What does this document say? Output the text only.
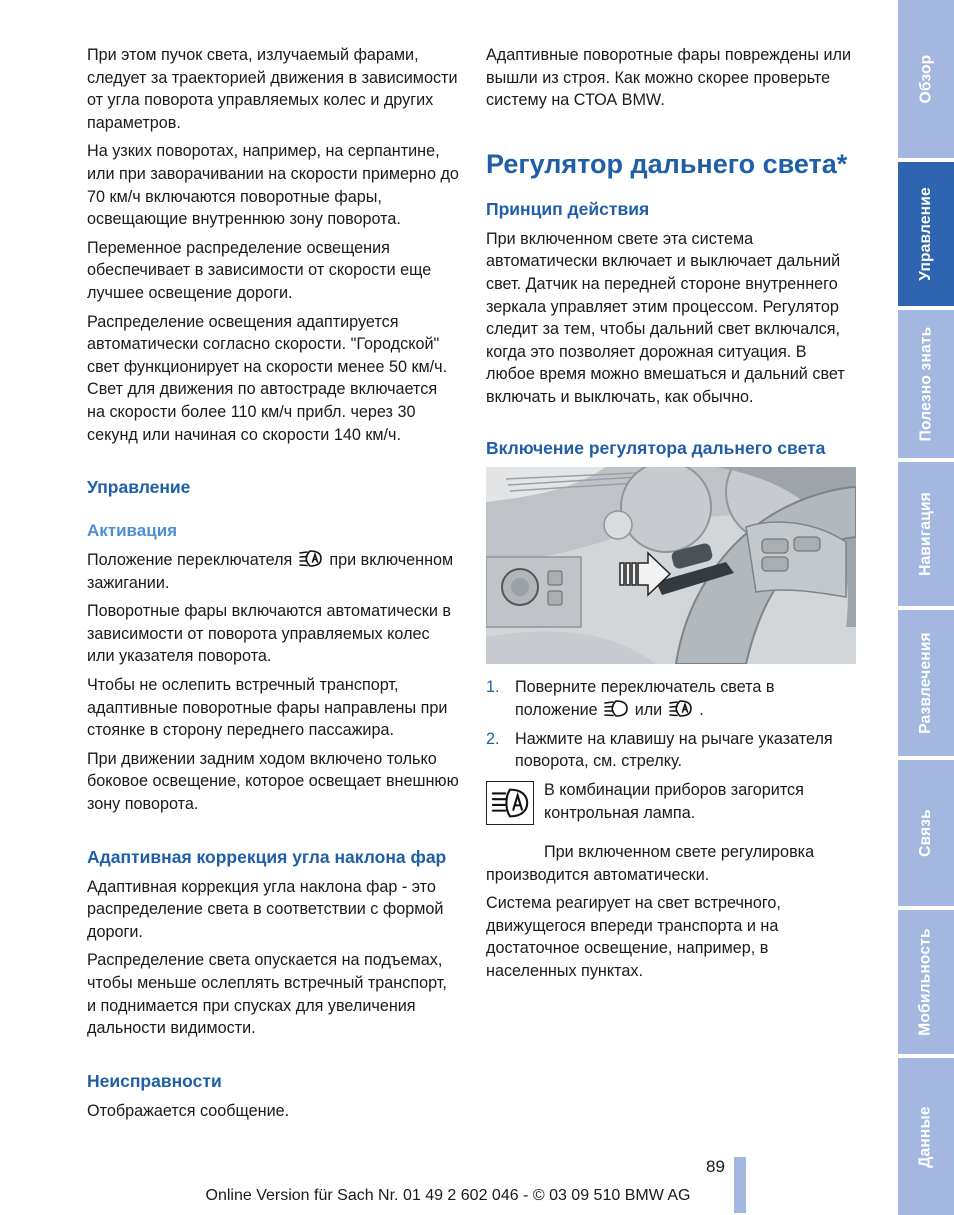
При этом пучок света, излучаемый фарами, следует за траекторией движения в зависимости от угла поворота управляемых колес и других параметров.

На узких поворотах, например, на серпантине, или при заворачивании на скорости примерно до 70 км/ч включаются поворотные фары, освещающие внутреннюю зону поворота.

Переменное распределение освещения обеспечивает в зависимости от скорости еще лучшее освещение дороги.

Распределение освещения адаптируется автоматически согласно скорости. "Городской" свет функционирует на скорости менее 50 км/ч. Свет для движения по автостраде включается на скорости более 110 км/ч прибл. через 30 секунд или начиная со скорости 140 км/ч.

Управление
Активация

Положение переключателя при включенном зажигании.

Поворотные фары включаются автоматически в зависимости от поворота управляемых колес или указателя поворота.

Чтобы не ослепить встречный транспорт, адаптивные поворотные фары направлены при стоянке в сторону переднего пассажира.

При движении задним ходом включено только боковое освещение, которое освещает внешнюю зону поворота.

Адаптивная коррекция угла наклона фар

Адаптивная коррекция угла наклона фар - это распределение света в соответствии с формой дороги.

Распределение света опускается на подъемах, чтобы меньше ослеплять встречный транспорт, и поднимается при спусках для увеличения дальности видимости.

Неисправности

Отображается сообщение.

Адаптивные поворотные фары повреждены или вышли из строя. Как можно скорее проверьте систему на СТОА BMW.

Регулятор дальнего света*
Принцип действия

При включенном свете эта система автоматически включает и выключает дальний свет. Датчик на передней стороне внутреннего зеркала управляет этим процессом. Регулятор следит за тем, чтобы дальний свет включался, когда это позволяет дорожная ситуация. В любое время можно вмешаться и дальний свет включать и выключать, как обычно.

Включение регулятора дальнего света
1. Поверните переключатель света в положение или .
2. Нажмите на клавишу на рычаге указателя поворота, см. стрелку.
В комбинации приборов загорится контрольная лампа.

При включенном свете регулировка производится автоматически.

Система реагирует на свет встречного, движущегося впереди транспорта и на достаточное освещение, например, в населенных пунктах.

Обзор
Управление
Полезно знать
Навигация
Развлечения
Связь
Мобильность
Данные
89
Online Version für Sach Nr. 01 49 2 602 046 - © 03 09 510 BMW AG
